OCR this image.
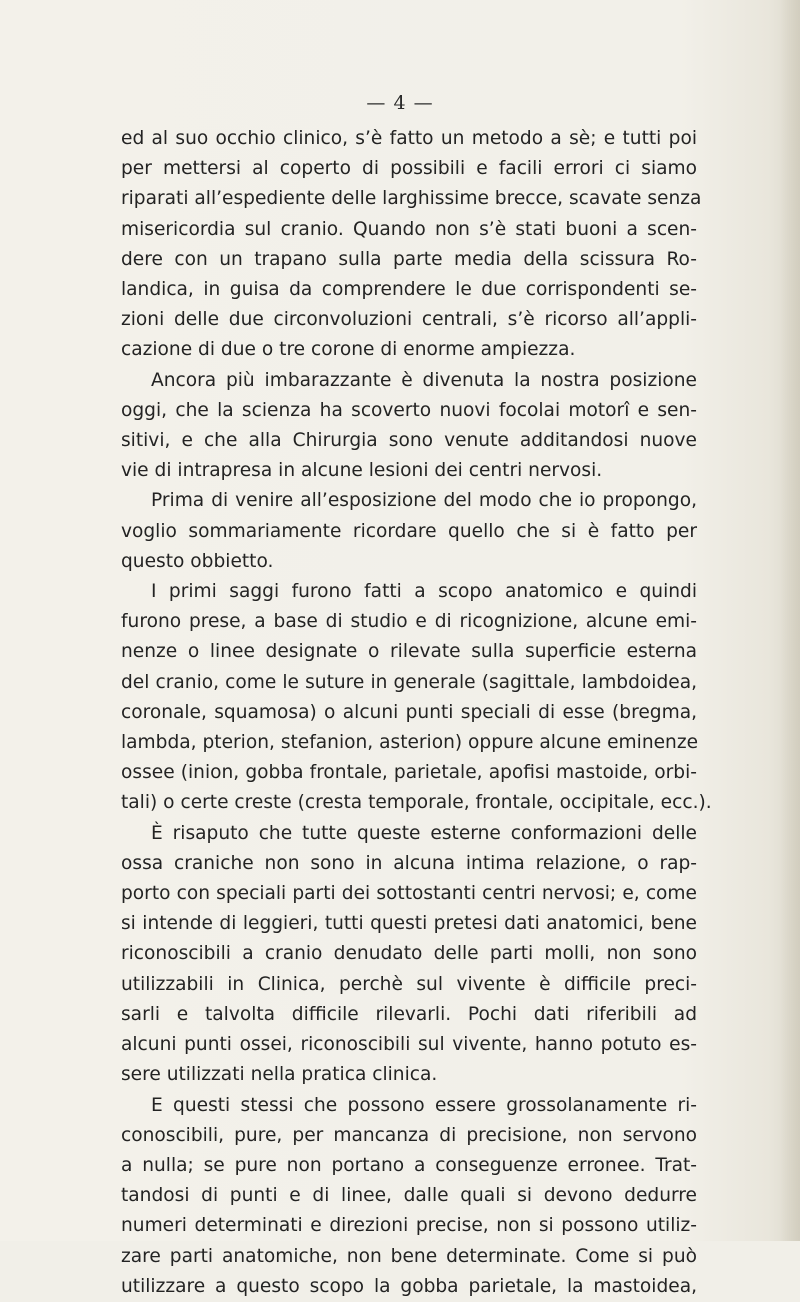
— 4 —
ed al suo occhio clinico, s’è fatto un metodo a sè; e tutti poi
per mettersi al coperto di possibili e facili errori ci siamo
riparati all’espediente delle larghissime brecce, scavate senza
misericordia sul cranio. Quando non s’è stati buoni a scen-
dere con un trapano sulla parte media della scissura Ro-
landica, in guisa da comprendere le due corrispondenti se-
zioni delle due circonvoluzioni centrali, s’è ricorso all’appli-
cazione di due o tre corone di enorme ampiezza.
Ancora più imbarazzante è divenuta la nostra posizione
oggi, che la scienza ha scoverto nuovi focolai motorî e sen-
sitivi, e che alla Chirurgia sono venute additandosi nuove
vie di intrapresa in alcune lesioni dei centri nervosi.
Prima di venire all’esposizione del modo che io propongo,
voglio sommariamente ricordare quello che si è fatto per
questo obbietto.
I primi saggi furono fatti a scopo anatomico e quindi
furono prese, a base di studio e di ricognizione, alcune emi-
nenze o linee designate o rilevate sulla superficie esterna
del cranio, come le suture in generale (sagittale, lambdoidea,
coronale, squamosa) o alcuni punti speciali di esse (bregma,
lambda, pterion, stefanion, asterion) oppure alcune eminenze
ossee (inion, gobba frontale, parietale, apofisi mastoide, orbi-
tali) o certe creste (cresta temporale, frontale, occipitale, ecc.).
È risaputo che tutte queste esterne conformazioni delle
ossa craniche non sono in alcuna intima relazione, o rap-
porto con speciali parti dei sottostanti centri nervosi; e, come
si intende di leggieri, tutti questi pretesi dati anatomici, bene
riconoscibili a cranio denudato delle parti molli, non sono
utilizzabili in Clinica, perchè sul vivente è difficile preci-
sarli e talvolta difficile rilevarli. Pochi dati riferibili ad
alcuni punti ossei, riconoscibili sul vivente, hanno potuto es-
sere utilizzati nella pratica clinica.
E questi stessi che possono essere grossolanamente ri-
conoscibili, pure, per mancanza di precisione, non servono
a nulla; se pure non portano a conseguenze erronee. Trat-
tandosi di punti e di linee, dalle quali si devono dedurre
numeri determinati e direzioni precise, non si possono utiliz-
zare parti anatomiche, non bene determinate. Come si può
utilizzare a questo scopo la gobba parietale, la mastoidea,
